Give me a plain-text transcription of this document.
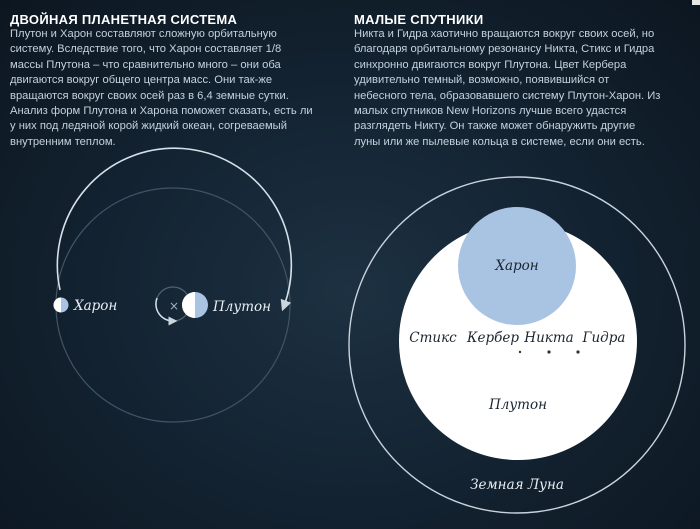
ДВОЙНАЯ ПЛАНЕТНАЯ СИСТЕМА

Плутон и Харон составляют сложную орбитальную систему. Вследствие того, что Харон составляет 1/8 массы Плутона – что сравнительно много – они оба двигаются вокруг общего центра масс. Они так-же вращаются вокруг своих осей раз в 6,4 земные сутки. Анализ форм Плутона и Харона поможет сказать, есть ли у них под ледяной корой жидкий океан, согреваемый внутренним теплом.

МАЛЫЕ СПУТНИКИ

Никта и Гидра хаотично вращаются вокруг своих осей, но благодаря орбитальному резонансу Никта, Стикс и Гидра синхронно двигаются вокруг Плутона. Цвет Кербера удивительно темный, возможно, появившийся от небесного тела, образовавшего систему Плутон-Харон. Из малых спутников New Horizons лучше всего удастся разглядеть Никту. Он также может обнаружить другие луны или же пылевые кольца в системе, если они есть.

×
Харон	Плутон
Земная Луна
Плутон
Харон
Стикс Кербер Никта Гидра
